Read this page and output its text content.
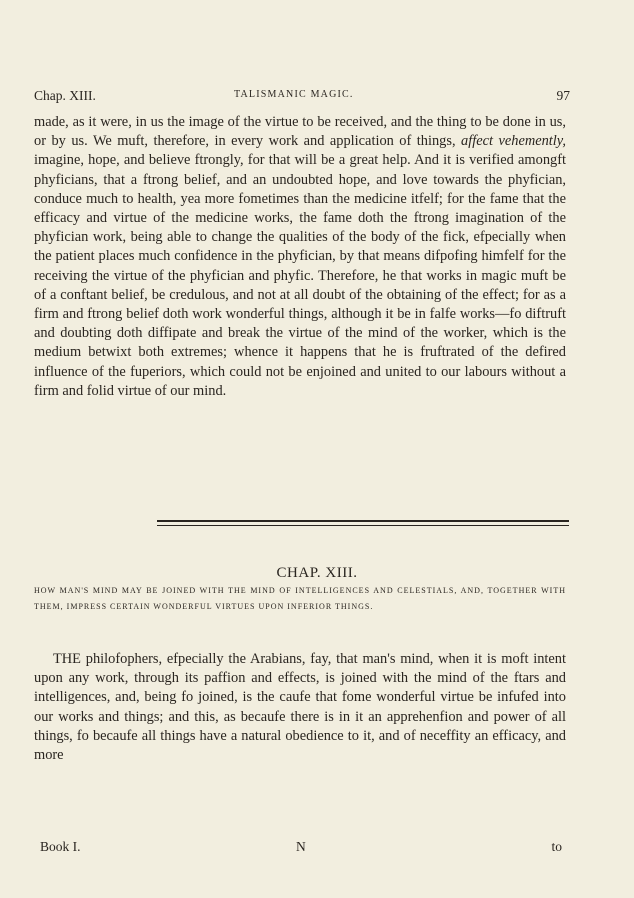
Chap. XIII.	TALISMANIC MAGIC.	97
made, as it were, in us the image of the virtue to be received, and the thing to be done in us, or by us. We muft, therefore, in every work and application of things, affect vehemently, imagine, hope, and believe ftrongly, for that will be a great help. And it is verified amongft phyficians, that a ftrong belief, and an undoubted hope, and love towards the phyfician, conduce much to health, yea more fometimes than the medicine itfelf; for the fame that the efficacy and virtue of the medicine works, the fame doth the ftrong imagination of the phyfician work, being able to change the qualities of the body of the fick, efpecially when the patient places much confidence in the phyfician, by that means difpofing himfelf for the receiving the virtue of the phyfician and phyfic. Therefore, he that works in magic muft be of a conftant belief, be credulous, and not at all doubt of the obtaining of the effect; for as a firm and ftrong belief doth work wonderful things, although it be in falfe works—fo diftruft and doubting doth diffipate and break the virtue of the mind of the worker, which is the medium betwixt both extremes; whence it happens that he is fruftrated of the defired influence of the fuperiors, which could not be enjoined and united to our labours without a firm and folid virtue of our mind.
CHAP. XIII.
HOW MAN'S MIND MAY BE JOINED WITH THE MIND OF INTELLIGENCES AND CELESTIALS, AND, TOGETHER WITH THEM, IMPRESS CERTAIN WONDERFUL VIRTUES UPON INFERIOR THINGS.
THE philofophers, efpecially the Arabians, fay, that man's mind, when it is moft intent upon any work, through its paffion and effects, is joined with the mind of the ftars and intelligences, and, being fo joined, is the caufe that fome wonderful virtue be infufed into our works and things; and this, as becaufe there is in it an apprehenfion and power of all things, fo becaufe all things have a natural obedience to it, and of neceffity an efficacy, and more
Book I.	N	to
